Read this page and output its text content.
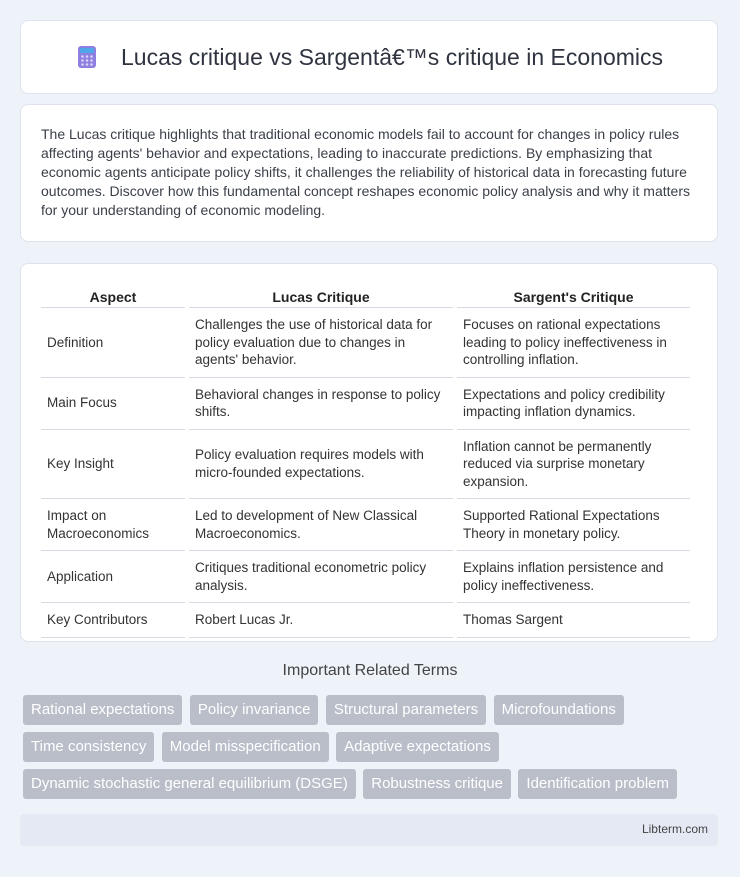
Lucas critique vs Sargentâ€™s critique in Economics

The Lucas critique highlights that traditional economic models fail to account for changes in policy rules affecting agents' behavior and expectations, leading to inaccurate predictions. By emphasizing that economic agents anticipate policy shifts, it challenges the reliability of historical data in forecasting future outcomes. Discover how this fundamental concept reshapes economic policy analysis and why it matters for your understanding of economic modeling.

Aspect	Lucas Critique	Sargent's Critique
Definition	Challenges the use of historical data for policy evaluation due to changes in agents' behavior.	Focuses on rational expectations leading to policy ineffectiveness in controlling inflation.
Main Focus	Behavioral changes in response to policy shifts.	Expectations and policy credibility impacting inflation dynamics.
Key Insight	Policy evaluation requires models with micro-founded expectations.	Inflation cannot be permanently reduced via surprise monetary expansion.
Impact on Macroeconomics	Led to development of New Classical Macroeconomics.	Supported Rational Expectations Theory in monetary policy.
Application	Critiques traditional econometric policy analysis.	Explains inflation persistence and policy ineffectiveness.
Key Contributors	Robert Lucas Jr.	Thomas Sargent
Important Related Terms
Rational expectations Policy invariance Structural parameters Microfoundations Time consistency Model misspecification Adaptive expectations Dynamic stochastic general equilibrium (DSGE) Robustness critique Identification problem
Libterm.com
